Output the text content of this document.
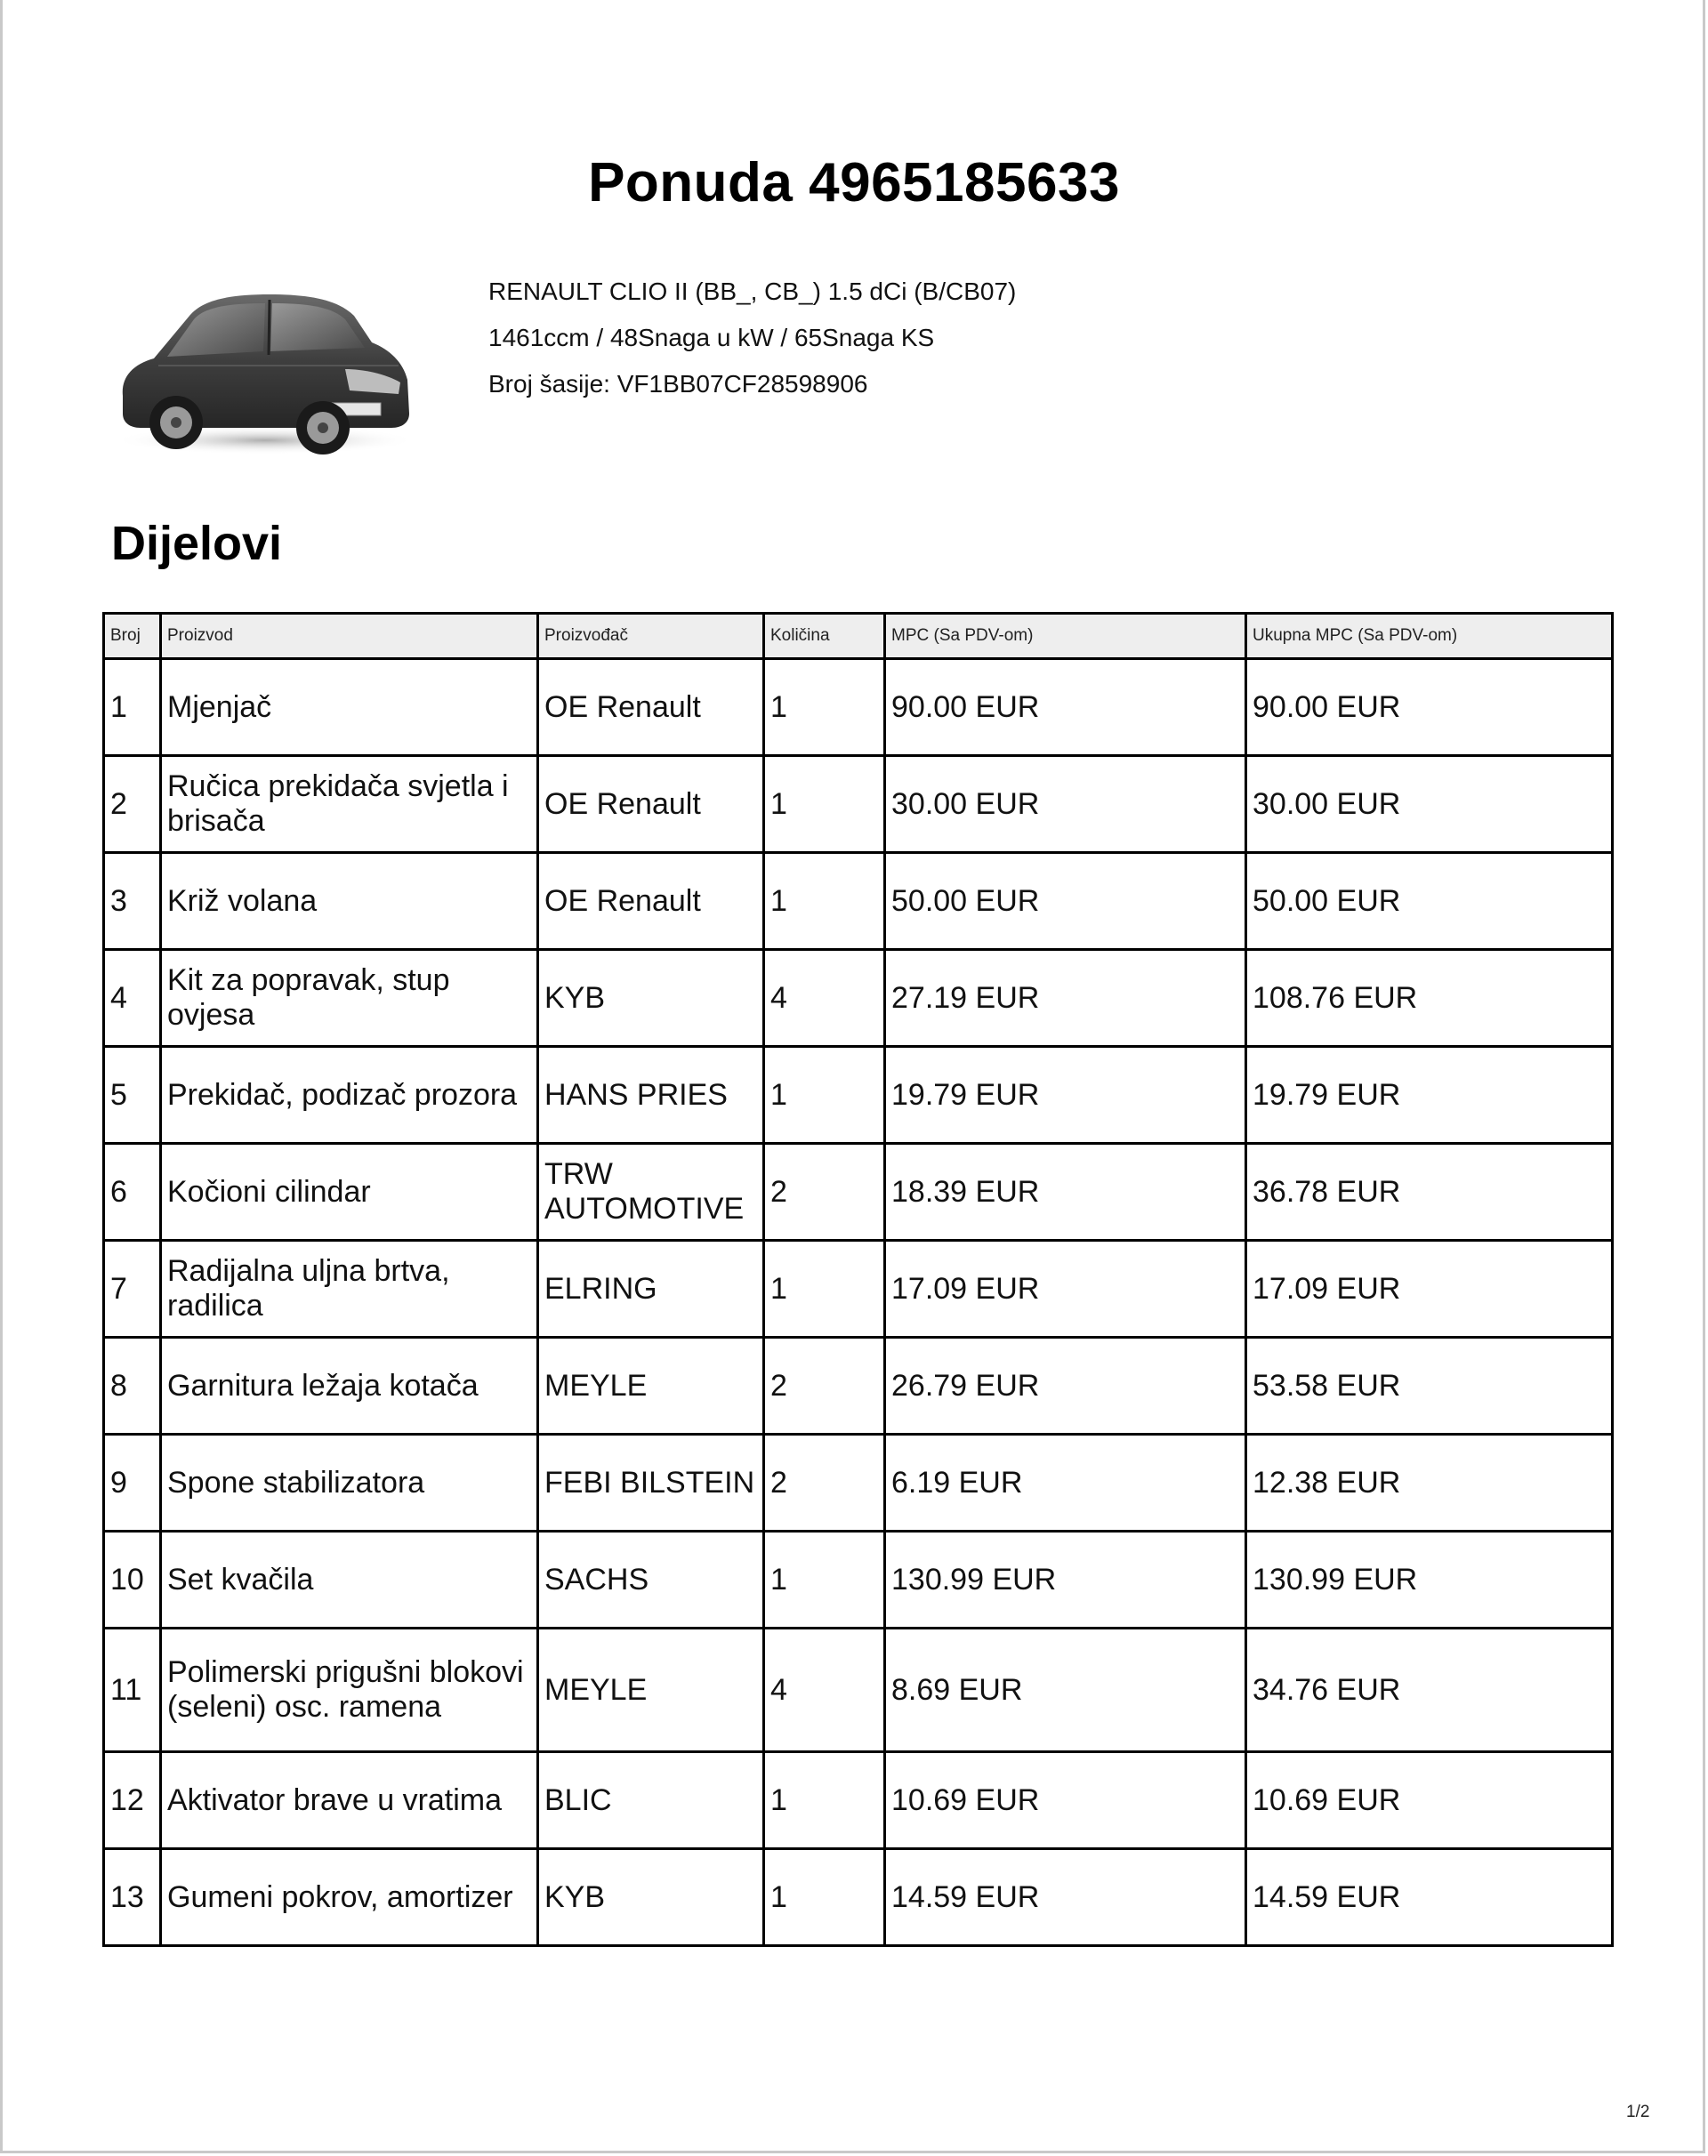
Ponuda 4965185633
RENAULT CLIO II (BB_, CB_) 1.5 dCi (B/CB07)
1461ccm / 48Snaga u kW / 65Snaga KS
Broj šasije: VF1BB07CF28598906
Dijelovi
Broj	Proizvod	Proizvođač	Količina	MPC (Sa PDV-om)	Ukupna MPC (Sa PDV-om)
1	Mjenjač	OE Renault	1	90.00 EUR	90.00 EUR
2	Ručica prekidača svjetla i brisača	OE Renault	1	30.00 EUR	30.00 EUR
3	Križ volana	OE Renault	1	50.00 EUR	50.00 EUR
4	Kit za popravak, stup ovjesa	KYB	4	27.19 EUR	108.76 EUR
5	Prekidač, podizač prozora	HANS PRIES	1	19.79 EUR	19.79 EUR
6	Kočioni cilindar	TRW AUTOMOTIVE	2	18.39 EUR	36.78 EUR
7	Radijalna uljna brtva, radilica	ELRING	1	17.09 EUR	17.09 EUR
8	Garnitura ležaja kotača	MEYLE	2	26.79 EUR	53.58 EUR
9	Spone stabilizatora	FEBI BILSTEIN	2	6.19 EUR	12.38 EUR
10	Set kvačila	SACHS	1	130.99 EUR	130.99 EUR
11	Polimerski prigušni blokovi (seleni) osc. ramena	MEYLE	4	8.69 EUR	34.76 EUR
12	Aktivator brave u vratima	BLIC	1	10.69 EUR	10.69 EUR
13	Gumeni pokrov, amortizer	KYB	1	14.59 EUR	14.59 EUR
1/2
